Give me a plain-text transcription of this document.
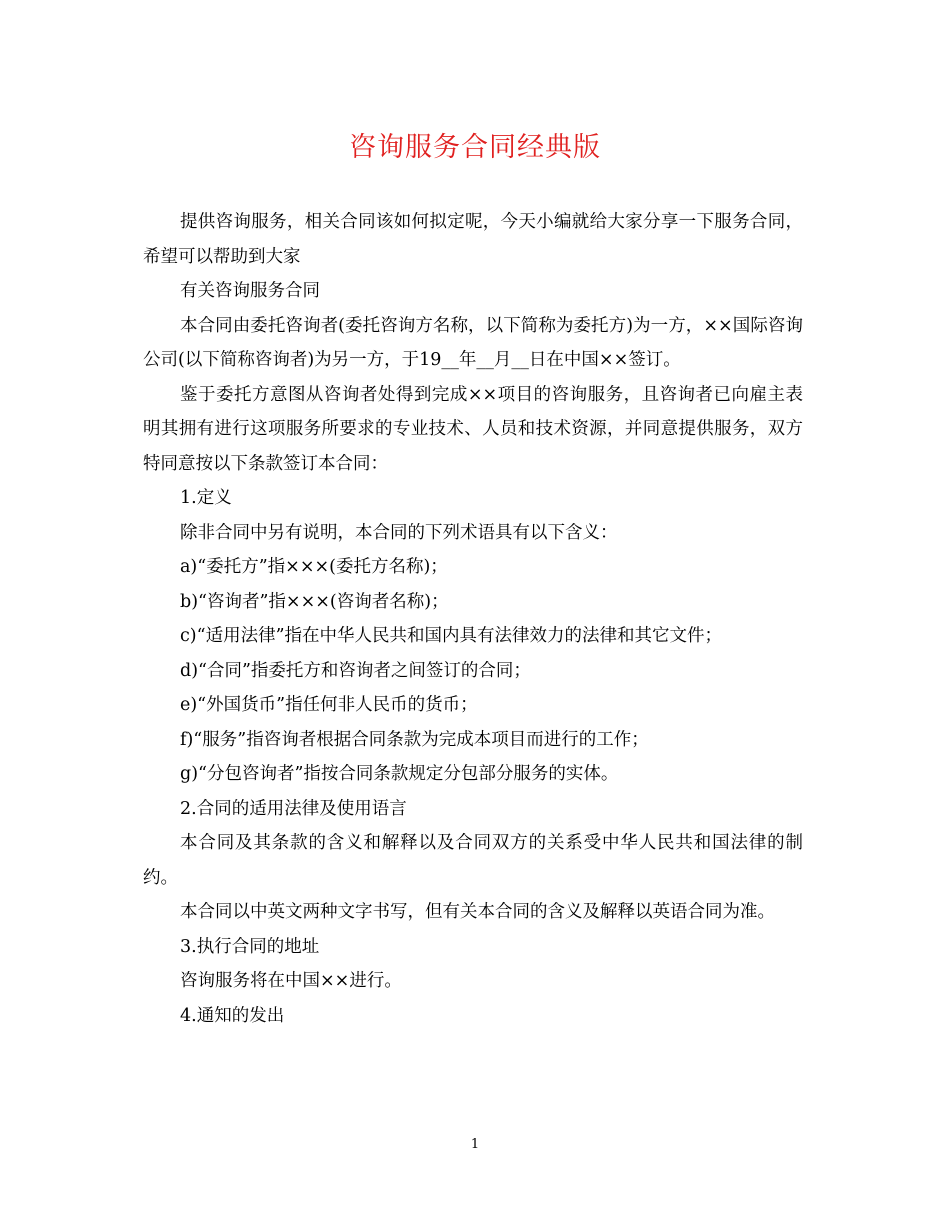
咨询服务合同经典版

提供咨询服务，相关合同该如何拟定呢，今天小编就给大家分享一下服务合同，希望可以帮助到大家

有关咨询服务合同

本合同由委托咨询者(委托咨询方名称，以下简称为委托方)为一方，××国际咨询公司(以下简称咨询者)为另一方，于19__年__月__日在中国××签订。

鉴于委托方意图从咨询者处得到完成××项目的咨询服务，且咨询者已向雇主表明其拥有进行这项服务所要求的专业技术、人员和技术资源，并同意提供服务，双方特同意按以下条款签订本合同：

1.定义

除非合同中另有说明，本合同的下列术语具有以下含义：

a)“委托方”指×××(委托方名称)；

b)“咨询者”指×××(咨询者名称)；

c)“适用法律”指在中华人民共和国内具有法律效力的法律和其它文件；

d)“合同”指委托方和咨询者之间签订的合同；

e)“外国货币”指任何非人民币的货币；

f)“服务”指咨询者根据合同条款为完成本项目而进行的工作；

g)“分包咨询者”指按合同条款规定分包部分服务的实体。

2.合同的适用法律及使用语言

本合同及其条款的含义和解释以及合同双方的关系受中华人民共和国法律的制约。

本合同以中英文两种文字书写，但有关本合同的含义及解释以英语合同为准。

3.执行合同的地址

咨询服务将在中国××进行。

4.通知的发出

1
